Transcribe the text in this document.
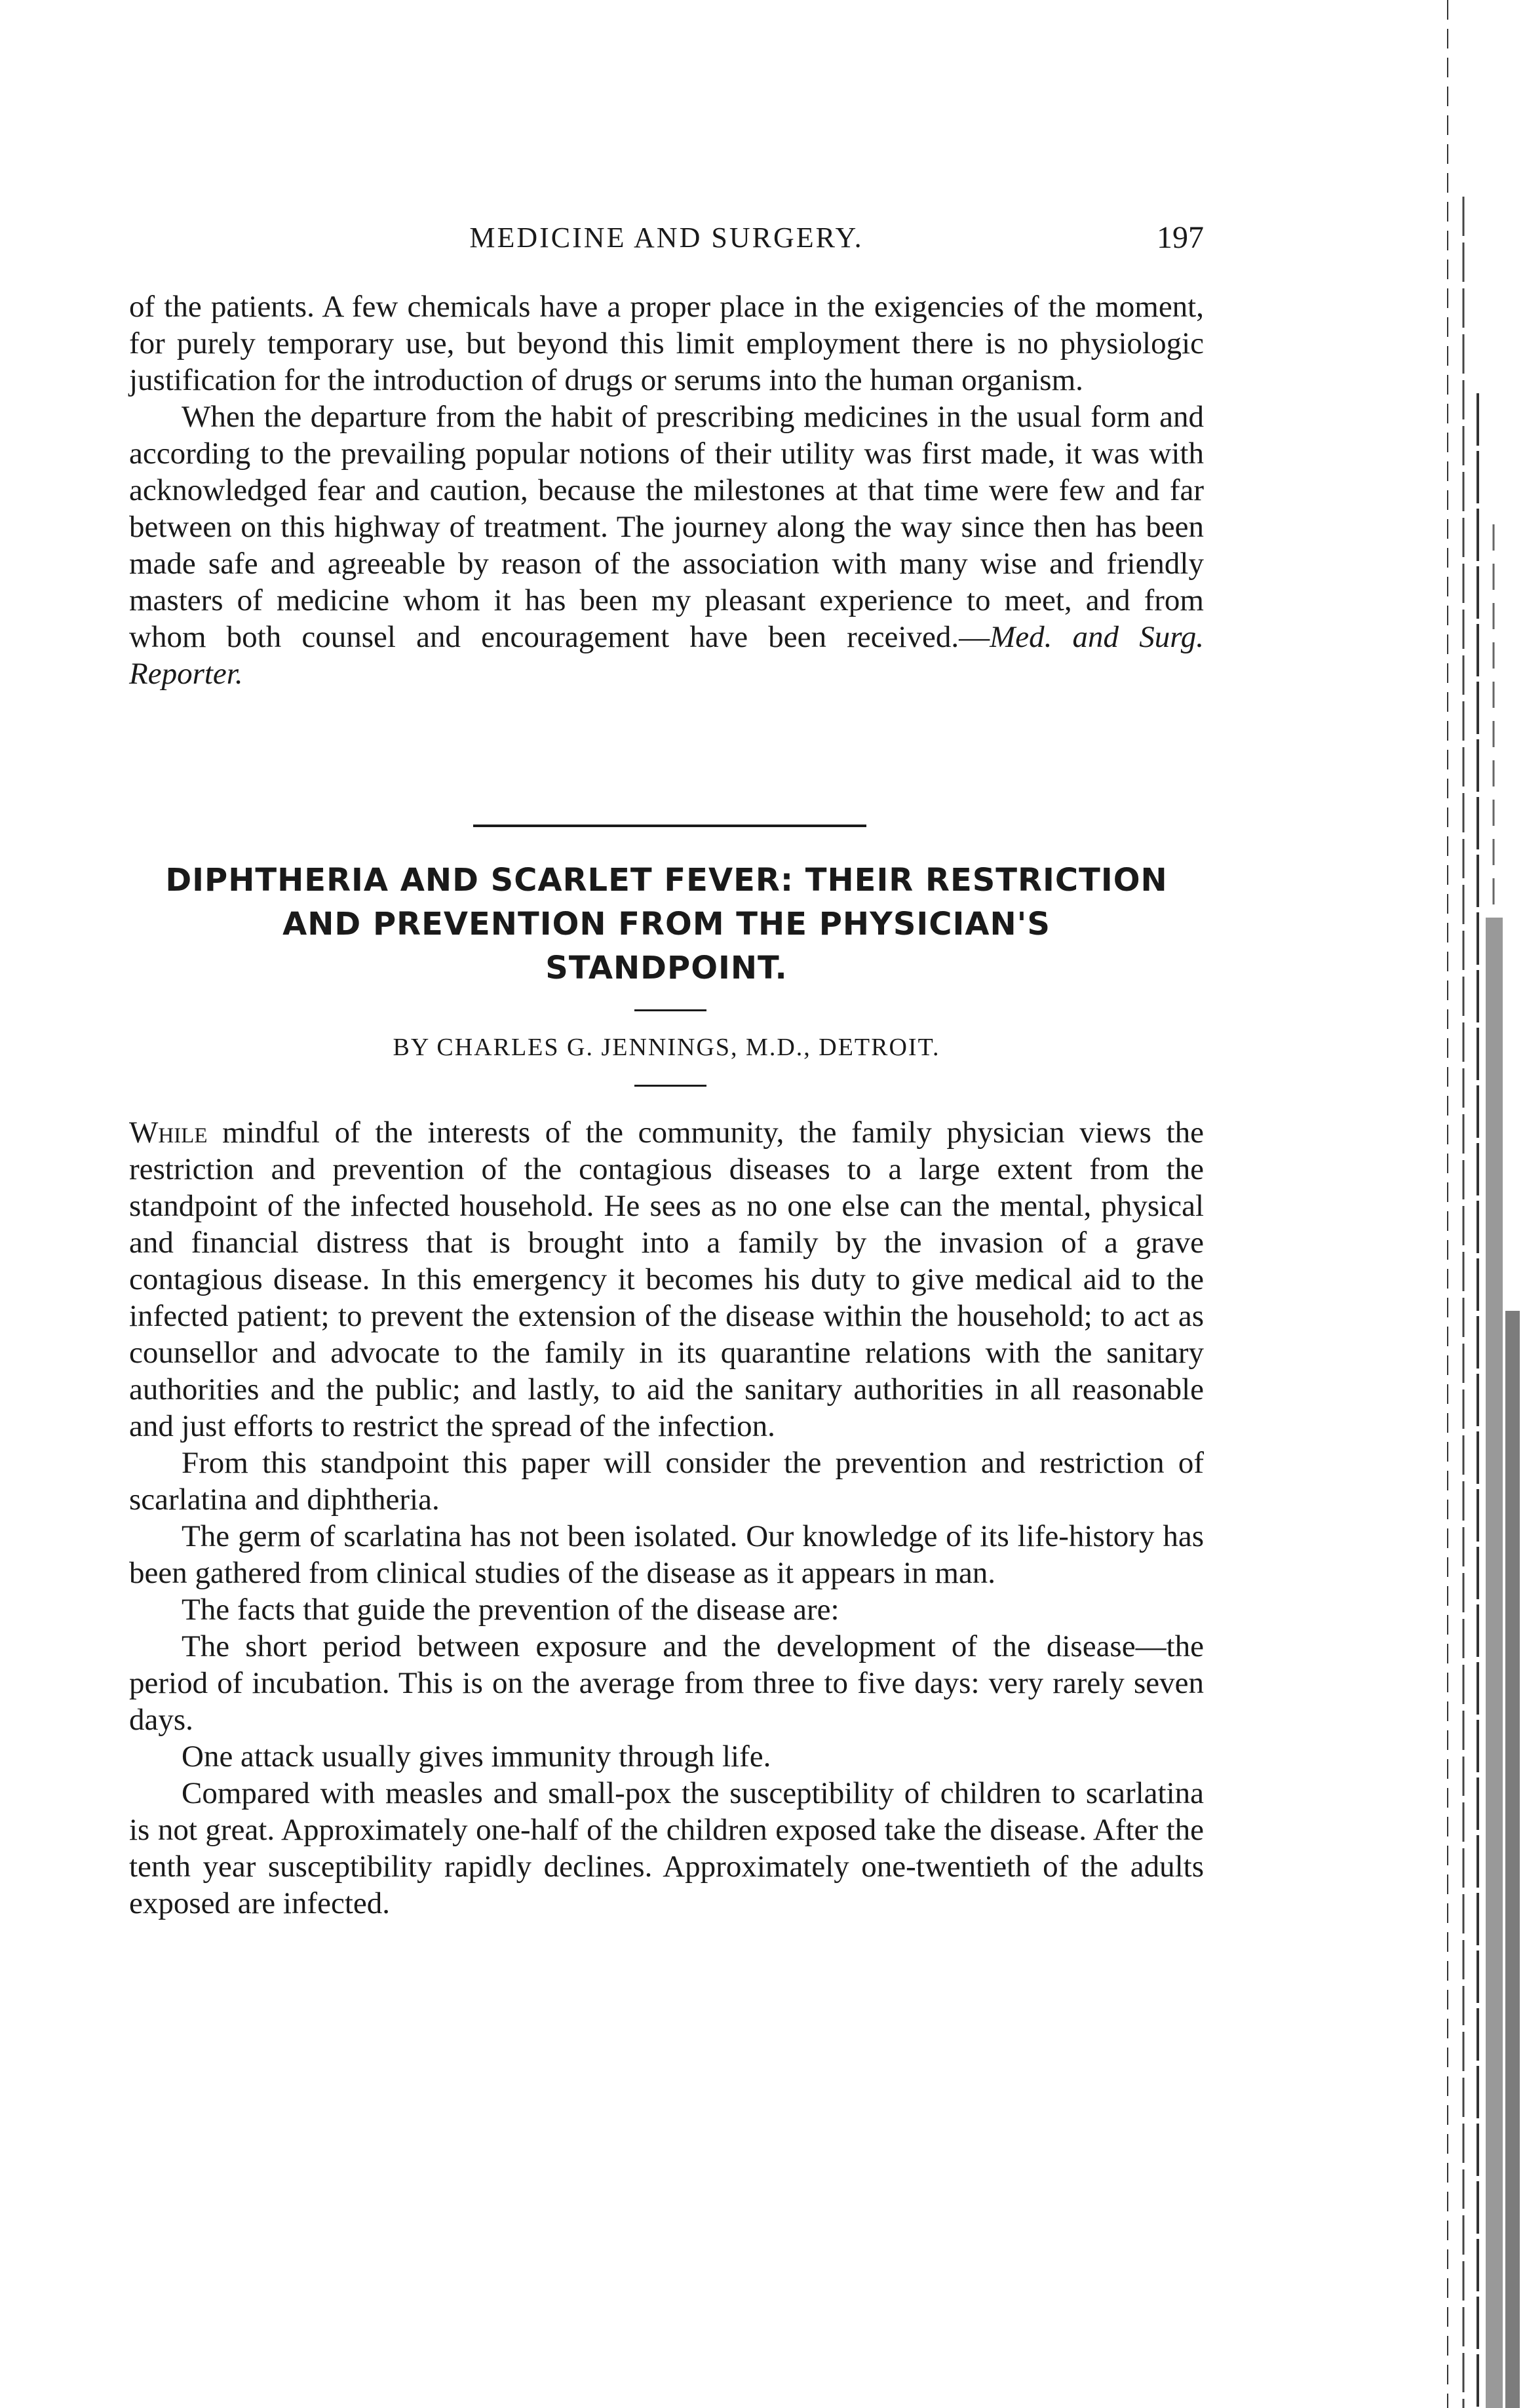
MEDICINE AND SURGERY.	197

of the patients. A few chemicals have a proper place in the exigencies of the moment, for purely temporary use, but beyond this limit employment there is no physiologic justification for the introduction of drugs or serums into the human organism.

When the departure from the habit of prescribing medicines in the usual form and according to the prevailing popular notions of their utility was first made, it was with acknowledged fear and caution, because the milestones at that time were few and far between on this highway of treatment. The journey along the way since then has been made safe and agreeable by reason of the association with many wise and friendly masters of medicine whom it has been my pleasant experience to meet, and from whom both counsel and encouragement have been received.—Med. and Surg. Reporter.

DIPHTHERIA AND SCARLET FEVER: THEIR RESTRICTION
AND PREVENTION FROM THE PHYSICIAN'S
STANDPOINT.
BY CHARLES G. JENNINGS, M.D., DETROIT.

While mindful of the interests of the community, the family physician views the restriction and prevention of the contagious diseases to a large extent from the standpoint of the infected household. He sees as no one else can the mental, physical and financial distress that is brought into a family by the invasion of a grave contagious disease. In this emergency it becomes his duty to give medical aid to the infected patient; to prevent the extension of the disease within the household; to act as counsellor and advocate to the family in its quarantine relations with the sanitary authorities and the public; and lastly, to aid the sanitary authorities in all reasonable and just efforts to restrict the spread of the infection.

From this standpoint this paper will consider the prevention and restriction of scarlatina and diphtheria.

The germ of scarlatina has not been isolated. Our knowledge of its life-history has been gathered from clinical studies of the disease as it appears in man.

The facts that guide the prevention of the disease are:

The short period between exposure and the development of the disease—the period of incubation. This is on the average from three to five days: very rarely seven days.

One attack usually gives immunity through life.

Compared with measles and small-pox the susceptibility of children to scarlatina is not great. Approximately one-half of the children exposed take the disease. After the tenth year susceptibility rapidly declines. Approximately one-twentieth of the adults exposed are infected.
